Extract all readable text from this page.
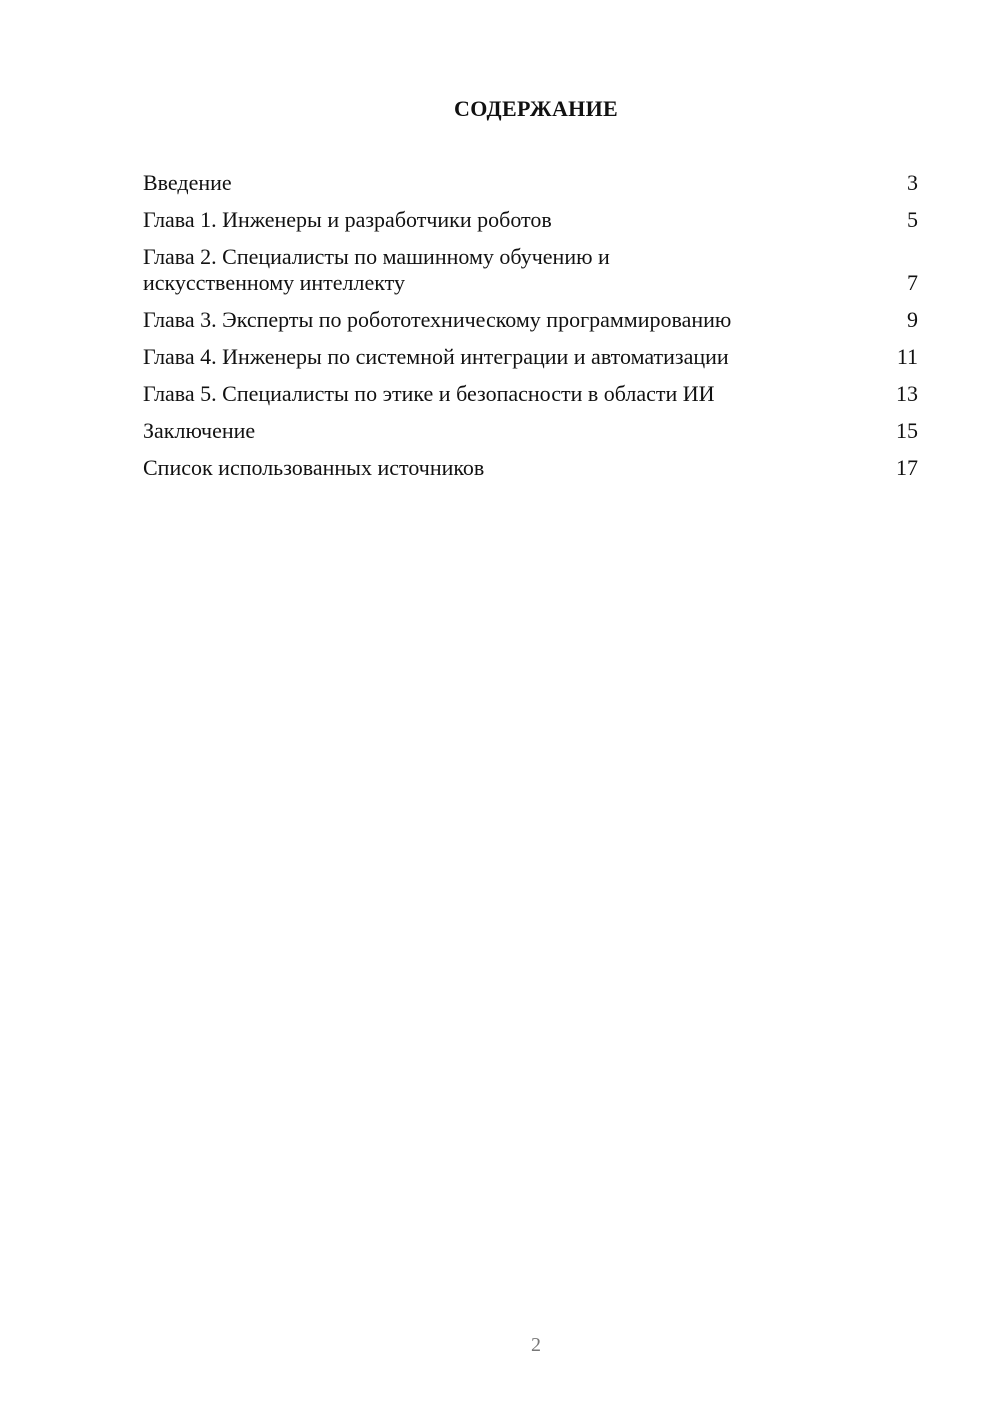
СОДЕРЖАНИЕ
Введение	3
Глава 1. Инженеры и разработчики роботов	5
Глава 2. Специалисты по машинному обучению и искусственному интеллекту	7
Глава 3. Эксперты по робототехническому программированию	9
Глава 4. Инженеры по системной интеграции и автоматизации	11
Глава 5. Специалисты по этике и безопасности в области ИИ	13
Заключение	15
Список использованных источников	17
2
